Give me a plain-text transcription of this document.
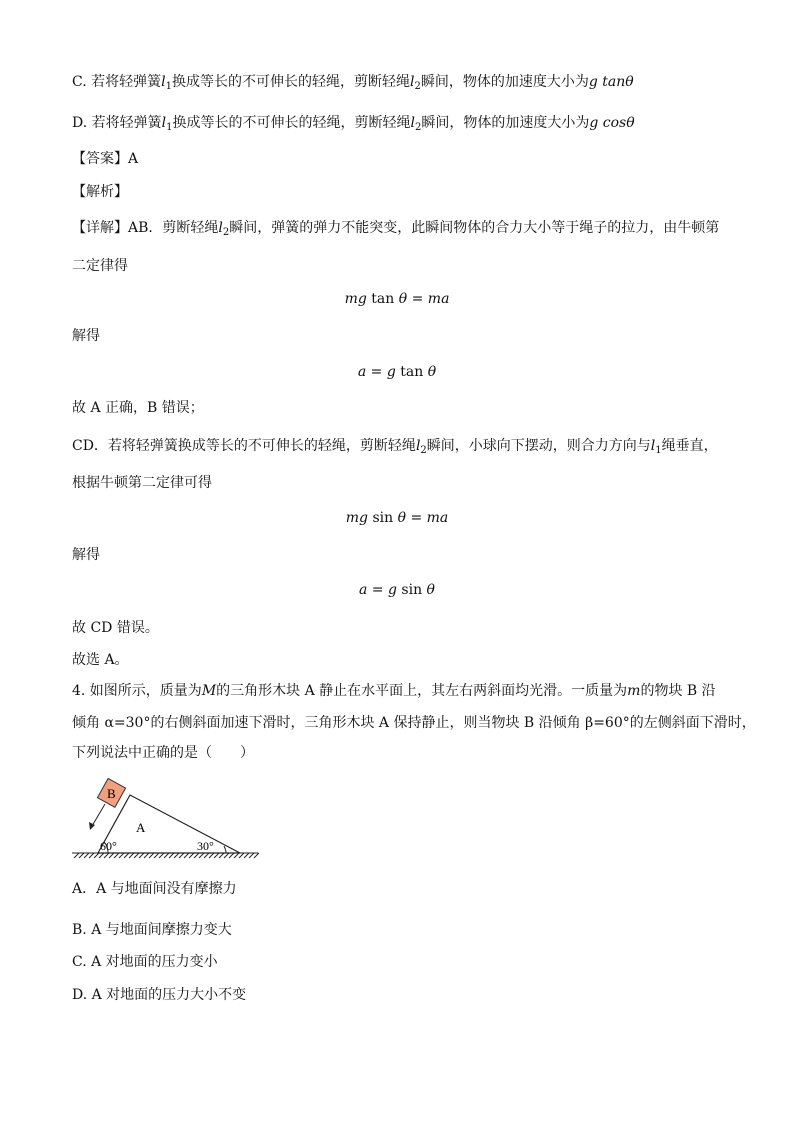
C. 若将轻弹簧$l_1$换成等长的不可伸长的轻绳，剪断轻绳$l_2$瞬间，物体的加速度大小为g tanθ
D. 若将轻弹簧$l_1$换成等长的不可伸长的轻绳，剪断轻绳$l_2$瞬间，物体的加速度大小为g cosθ
【答案】A
【解析】
【详解】AB．剪断轻绳$l_2$瞬间，弹簧的弹力不能突变，此瞬间物体的合力大小等于绳子的拉力，由牛顿第
二定律得
mg tan θ = ma
解得
a = g tan θ
故 A 正确，B 错误；
CD．若将轻弹簧换成等长的不可伸长的轻绳，剪断轻绳$l_2$瞬间，小球向下摆动，则合力方向与$l_1$绳垂直，
根据牛顿第二定律可得
mg sin θ = ma
解得
a = g sin θ
故 CD 错误。
故选 A。
4. 如图所示，质量为M的三角形木块 A 静止在水平面上，其左右两斜面均光滑。一质量为m的物块 B 沿
倾角 α=30°的右侧斜面加速下滑时，三角形木块 A 保持静止，则当物块 B 沿倾角 β=60°的左侧斜面下滑时，
下列说法中正确的是（　　）
B
A
60°	30°
A．A 与地面间没有摩擦力
B. A 与地面间摩擦力变大
C. A 对地面的压力变小
D. A 对地面的压力大小不变
